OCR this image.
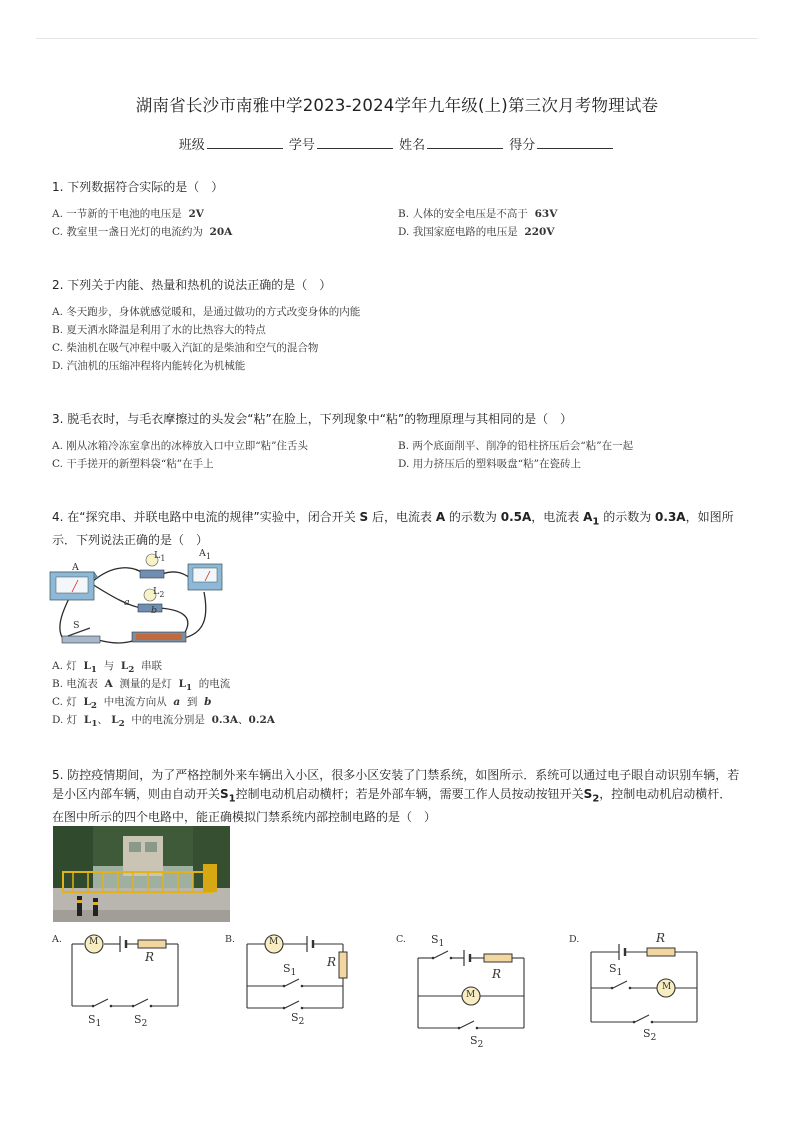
湖南省长沙市南雅中学2023-2024学年九年级(上)第三次月考物理试卷
班级	学号	姓名	得分
1. 下列数据符合实际的是（　）
A. 一节新的干电池的电压是 2V	B. 人体的安全电压是不高于 63V
C. 教室里一盏日光灯的电流约为 20A	D. 我国家庭电路的电压是 220V
2. 下列关于内能、热量和热机的说法正确的是（　）
A. 冬天跑步，身体就感觉暖和，是通过做功的方式改变身体的内能
B. 夏天洒水降温是利用了水的比热容大的特点
C. 柴油机在吸气冲程中吸入汽缸的是柴油和空气的混合物
D. 汽油机的压缩冲程将内能转化为机械能
3. 脱毛衣时，与毛衣摩擦过的头发会“粘”在脸上，下列现象中“粘”的物理原理与其相同的是（　）
A. 刚从冰箱冷冻室拿出的冰棒放入口中立即“粘”住舌头	B. 两个底面削平、削净的铅柱挤压后会“粘”在一起
C. 干手搓开的新塑料袋“粘”在手上	D. 用力挤压后的塑料吸盘“粘”在瓷砖上
4. 在“探究串、并联电路中电流的规律”实验中，闭合开关 S 后，电流表 A 的示数为 0.5A，电流表 $A_1$ 的示数为 0.3A，如图所示．下列说法正确的是（　）
A
$A_1$
$L_1$
$L_2$
a
b
S
A. 灯 $L_1$ 与 $L_2$ 串联
B. 电流表 A 测量的是灯 $L_1$ 的电流
C. 灯 $L_2$ 中电流方向从 a 到 b
D. 灯 $L_1$、 $L_2$ 中的电流分别是 0.3A、0.2A
5. 防控疫情期间，为了严格控制外来车辆出入小区，很多小区安装了门禁系统，如图所示．系统可以通过电子眼自动识别车辆，若
是小区内部车辆，则由自动开关$S_1$控制电动机启动横杆；若是外部车辆，需要工作人员按动按钮开关$S_2$，控制电动机启动横杆．
在图中所示的四个电路中，能正确模拟门禁系统内部控制电路的是（　）
A.	M
R
$S_1$	$S_2$
B.	M
R
$S_1$
$S_2$
C. $S_1$
R
M
$S_2$
D.	R
$S_1$
M
$S_2$
